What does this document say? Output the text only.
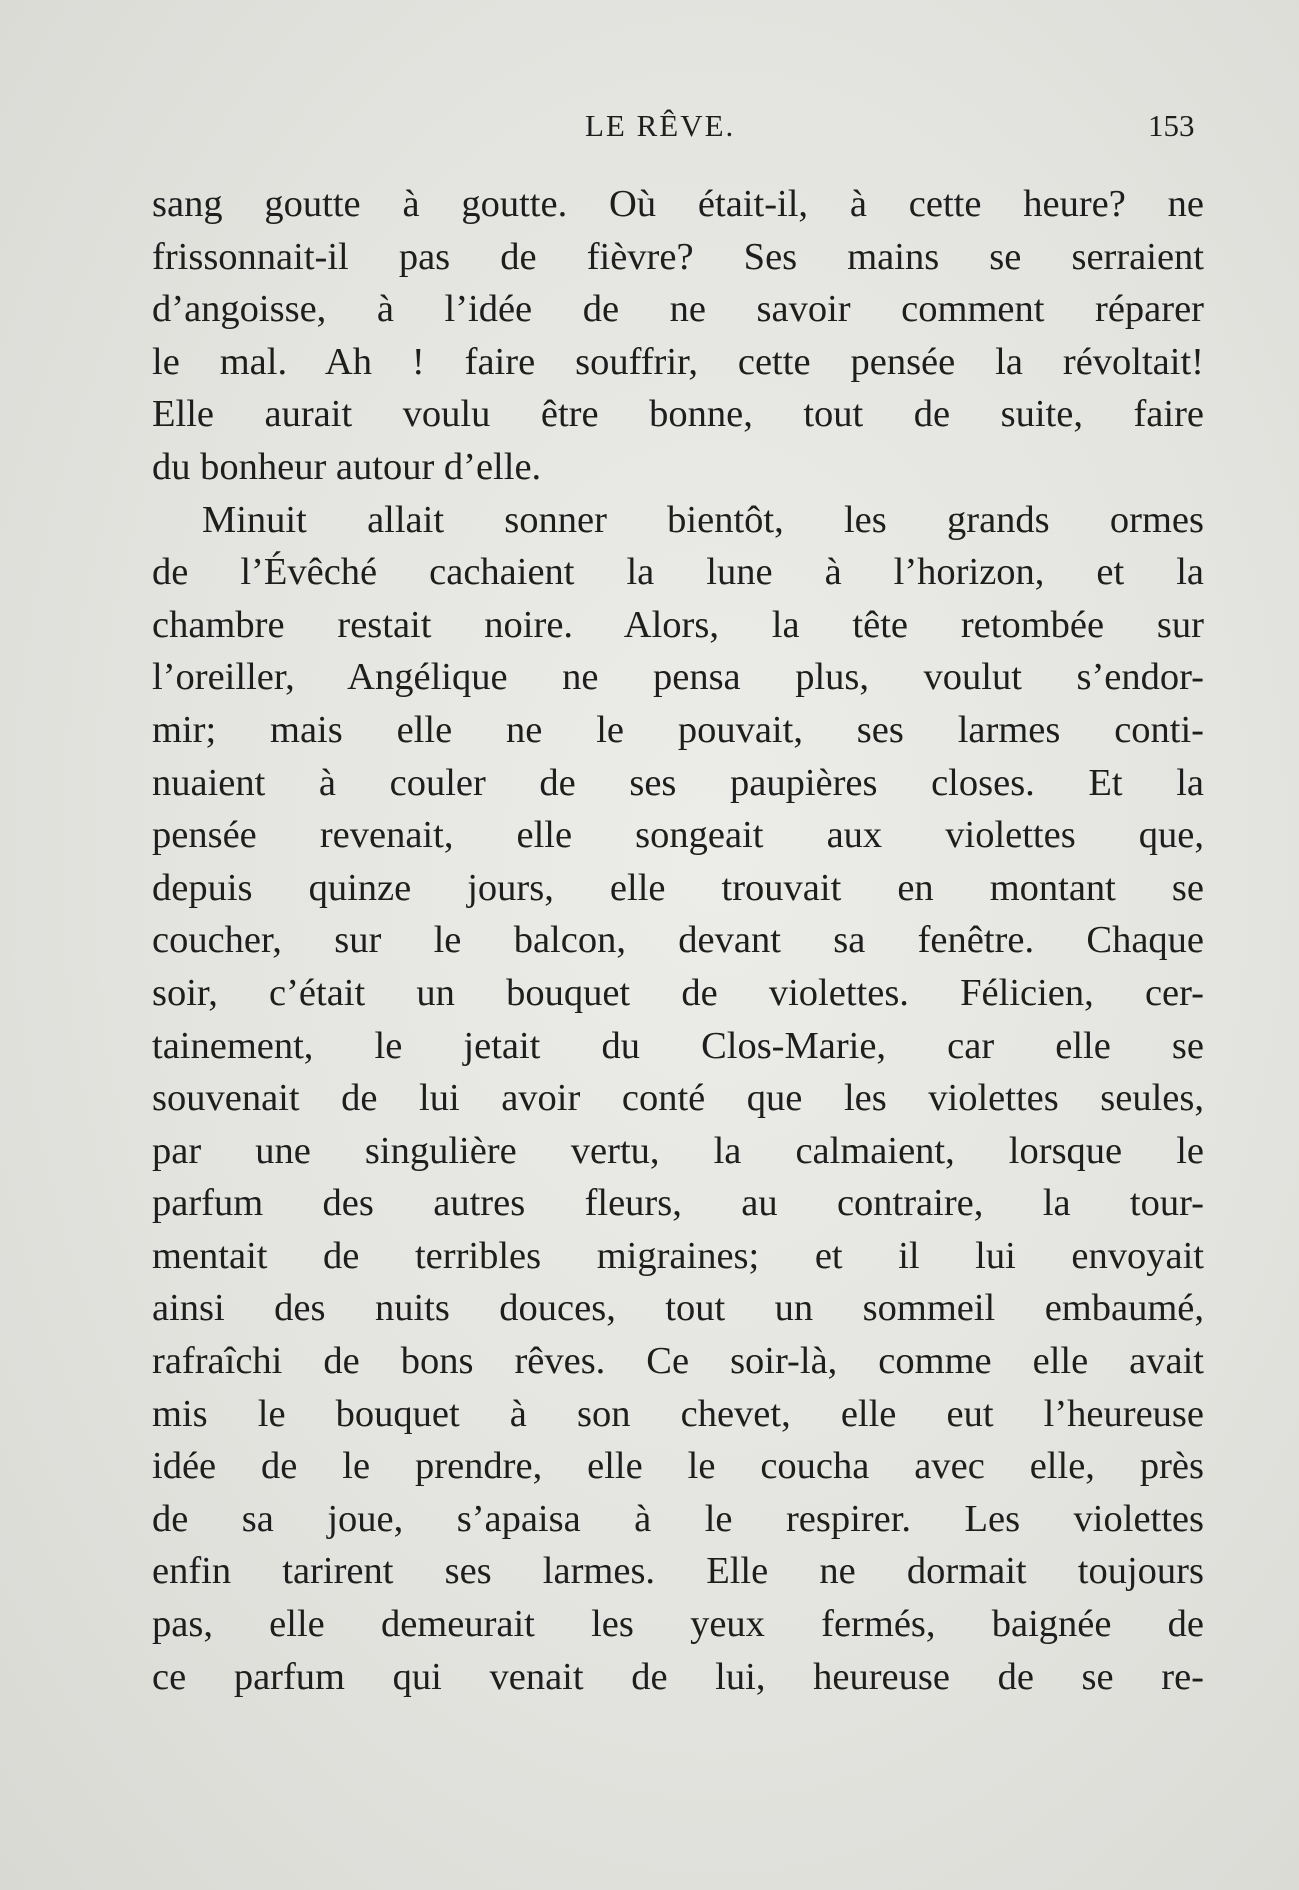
LE RÊVE.	153
sang goutte à goutte. Où était-il, à cette heure? ne
frissonnait-il pas de fièvre? Ses mains se serraient
d’angoisse, à l’idée de ne savoir comment réparer
le mal. Ah ! faire souffrir, cette pensée la révoltait!
Elle aurait voulu être bonne, tout de suite, faire
du bonheur autour d’elle.
Minuit allait sonner bientôt, les grands ormes
de l’Évêché cachaient la lune à l’horizon, et la
chambre restait noire. Alors, la tête retombée sur
l’oreiller, Angélique ne pensa plus, voulut s’endor-
mir; mais elle ne le pouvait, ses larmes conti-
nuaient à couler de ses paupières closes. Et la
pensée revenait, elle songeait aux violettes que,
depuis quinze jours, elle trouvait en montant se
coucher, sur le balcon, devant sa fenêtre. Chaque
soir, c’était un bouquet de violettes. Félicien, cer-
tainement, le jetait du Clos-Marie, car elle se
souvenait de lui avoir conté que les violettes seules,
par une singulière vertu, la calmaient, lorsque le
parfum des autres fleurs, au contraire, la tour-
mentait de terribles migraines; et il lui envoyait
ainsi des nuits douces, tout un sommeil embaumé,
rafraîchi de bons rêves. Ce soir-là, comme elle avait
mis le bouquet à son chevet, elle eut l’heureuse
idée de le prendre, elle le coucha avec elle, près
de sa joue, s’apaisa à le respirer. Les violettes
enfin tarirent ses larmes. Elle ne dormait toujours
pas, elle demeurait les yeux fermés, baignée de
ce parfum qui venait de lui, heureuse de se re-
